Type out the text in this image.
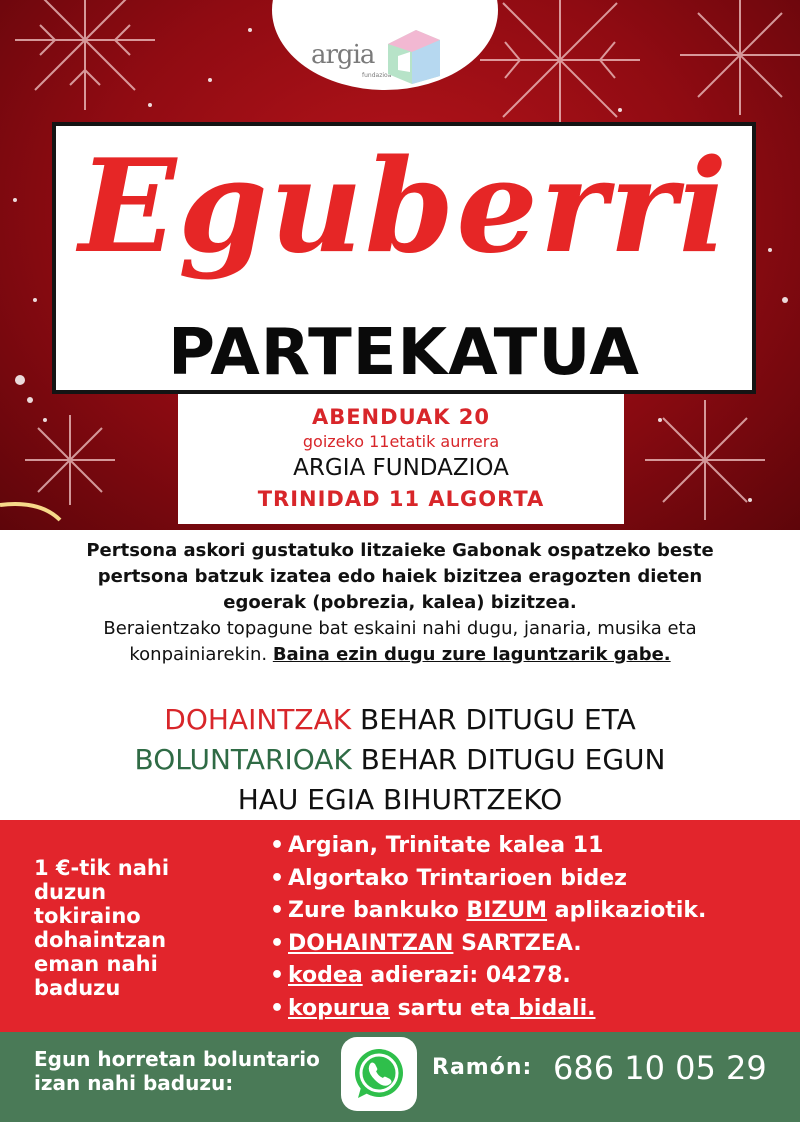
argia
fundazioa
Eguberri
PARTEKATUA
ABENDUAK 20
goizeko 11etatik aurrera
ARGIA FUNDAZIOA
TRINIDAD 11 ALGORTA
Pertsona askori gustatuko litzaieke Gabonak ospatzeko beste
pertsona batzuk izatea edo haiek bizitzea eragozten dieten
egoerak (pobrezia, kalea) bizitzea.
Beraientzako topagune bat eskaini nahi dugu, janaria, musika eta
konpainiarekin. Baina ezin dugu zure laguntzarik gabe.
DOHAINTZAK BEHAR DITUGU ETA
BOLUNTARIOAK BEHAR DITUGU EGUN
HAU EGIA BIHURTZEKO
1 €-tik nahi duzun tokiraino dohaintzan eman nahi baduzu
• Argian, Trinitate kalea 11
• Algortako Trintarioen bidez
• Zure bankuko BIZUM aplikaziotik.
• DOHAINTZAN SARTZEA.
• kodea adierazi: 04278.
• kopurua sartu eta bidali.
Egun horretan boluntario izan nahi baduzu:
Ramón: 686 10 05 29
